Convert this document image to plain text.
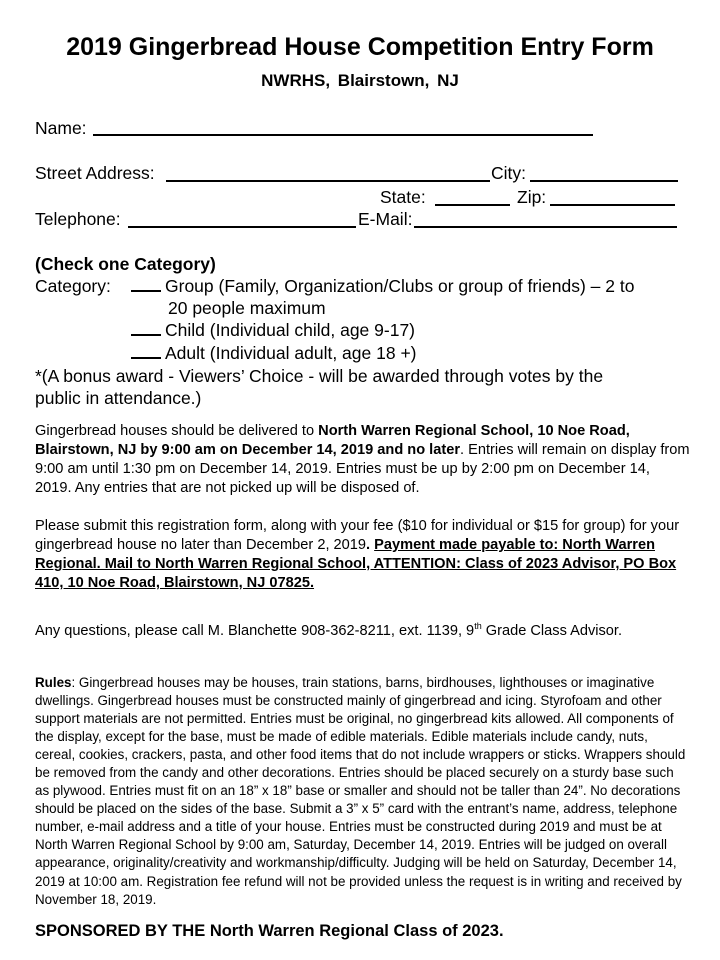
2019 Gingerbread House Competition Entry Form
NWRHS, Blairstown, NJ
Name:
Street Address:	City:
State:	Zip:
Telephone:	E-Mail:
(Check one Category)
Category:	Group (Family, Organization/Clubs or group of friends) – 2 to
20 people maximum
Child (Individual child, age 9-17)
Adult (Individual adult, age 18 +)
*(A bonus award - Viewers’ Choice - will be awarded through votes by the
public in attendance.)
Gingerbread houses should be delivered to North Warren Regional School, 10 Noe Road, Blairstown, NJ by 9:00 am on December 14, 2019 and no later. Entries will remain on display from 9:00 am until 1:30 pm on December 14, 2019. Entries must be up by 2:00 pm on December 14, 2019. Any entries that are not picked up will be disposed of.
Please submit this registration form, along with your fee ($10 for individual or $15 for group) for your gingerbread house no later than December 2, 2019. Payment made payable to: North Warren Regional. Mail to North Warren Regional School, ATTENTION: Class of 2023 Advisor, PO Box 410, 10 Noe Road, Blairstown, NJ 07825.
Any questions, please call M. Blanchette 908-362-8211, ext. 1139, 9th Grade Class Advisor.
Rules: Gingerbread houses may be houses, train stations, barns, birdhouses, lighthouses or imaginative dwellings. Gingerbread houses must be constructed mainly of gingerbread and icing. Styrofoam and other support materials are not permitted. Entries must be original, no gingerbread kits allowed. All components of the display, except for the base, must be made of edible materials. Edible materials include candy, nuts, cereal, cookies, crackers, pasta, and other food items that do not include wrappers or sticks. Wrappers should be removed from the candy and other decorations. Entries should be placed securely on a sturdy base such as plywood. Entries must fit on an 18” x 18” base or smaller and should not be taller than 24”. No decorations should be placed on the sides of the base. Submit a 3” x 5” card with the entrant’s name, address, telephone number, e-mail address and a title of your house. Entries must be constructed during 2019 and must be at North Warren Regional School by 9:00 am, Saturday, December 14, 2019. Entries will be judged on overall appearance, originality/creativity and workmanship/difficulty. Judging will be held on Saturday, December 14, 2019 at 10:00 am. Registration fee refund will not be provided unless the request is in writing and received by November 18, 2019.
SPONSORED BY THE North Warren Regional Class of 2023.
